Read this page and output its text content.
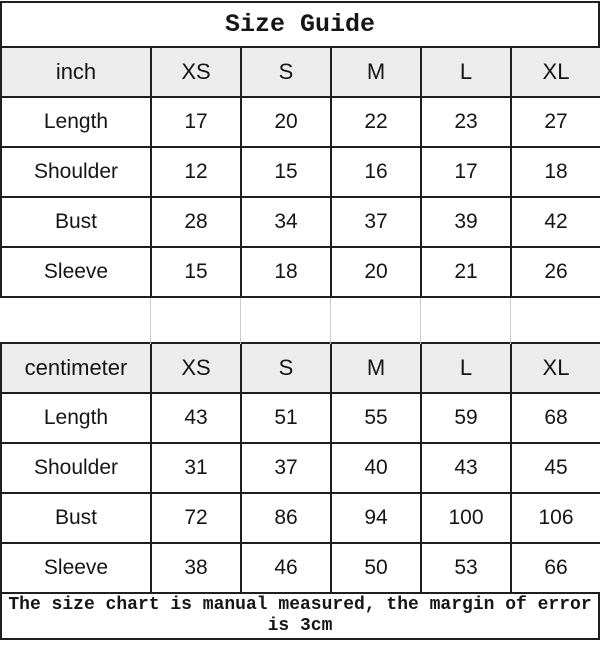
Size Guide
inch	XS	S	M	L	XL
Length	17	20	22	23	27
Shoulder	12	15	16	17	18
Bust	28	34	37	39	42
Sleeve	15	18	20	21	26
centimeter	XS	S	M	L	XL
Length	43	51	55	59	68
Shoulder	31	37	40	43	45
Bust	72	86	94	100	106
Sleeve	38	46	50	53	66
The size chart is manual measured, the margin of error is 3cm
